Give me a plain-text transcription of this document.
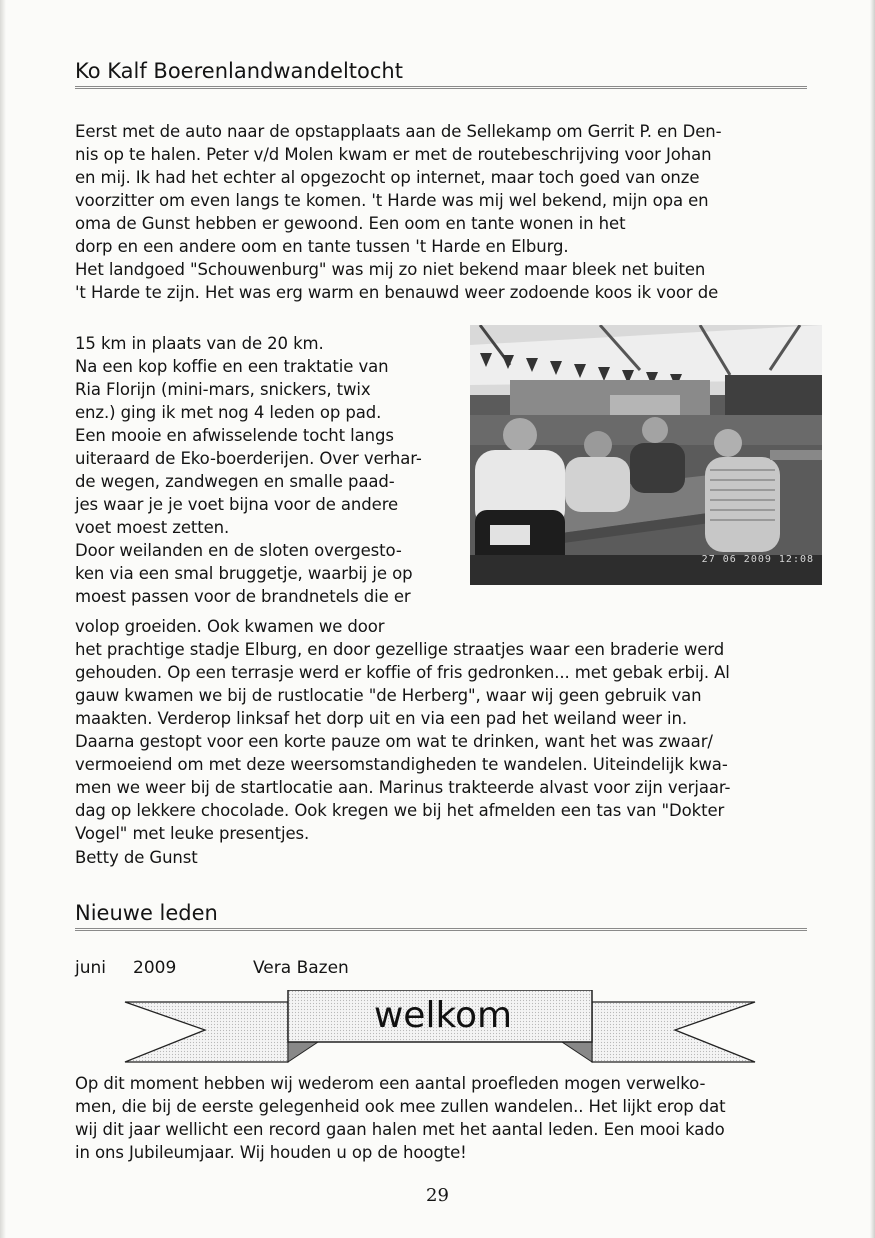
Ko Kalf Boerenlandwandeltocht

Eerst met de auto naar de opstapplaats aan de Sellekamp om Gerrit P. en Den-
nis op te halen. Peter v/d Molen kwam er met de routebeschrijving voor Johan
en mij. Ik had het echter al opgezocht op internet, maar toch goed van onze
voorzitter om even langs te komen. 't Harde was mij wel bekend, mijn opa en
oma de Gunst hebben er gewoond. Een oom en tante wonen in het
dorp en een andere oom en tante tussen 't Harde en Elburg.
Het landgoed "Schouwenburg" was mij zo niet bekend maar bleek net buiten
't Harde te zijn. Het was erg warm en benauwd weer zodoende koos ik voor de

15 km in plaats van de 20 km.
Na een kop koffie en een traktatie van
Ria Florijn (mini-mars, snickers, twix
enz.) ging ik met nog 4 leden op pad.
Een mooie en afwisselende tocht langs
uiteraard de Eko-boerderijen. Over verhar-
de wegen, zandwegen en smalle paad-
jes waar je je voet bijna voor de andere
voet moest zetten.
Door weilanden en de sloten overgesto-
ken via een smal bruggetje, waarbij je op
moest passen voor de brandnetels die er

27 06 2009 12:08

volop groeiden. Ook kwamen we door
het prachtige stadje Elburg, en door gezellige straatjes waar een braderie werd
gehouden. Op een terrasje werd er koffie of fris gedronken... met gebak erbij. Al
gauw kwamen we bij de rustlocatie "de Herberg", waar wij geen gebruik van
maakten. Verderop linksaf het dorp uit en via een pad het weiland weer in.
Daarna gestopt voor een korte pauze om wat te drinken, want het was zwaar/
vermoeiend om met deze weersomstandigheden te wandelen. Uiteindelijk kwa-
men we weer bij de startlocatie aan. Marinus trakteerde alvast voor zijn verjaar-
dag op lekkere chocolade. Ook kregen we bij het afmelden een tas van "Dokter
Vogel" met leuke presentjes.

Betty de Gunst

Nieuwe leden
juni 2009	Vera Bazen
welkom

Op dit moment hebben wij wederom een aantal proefleden mogen verwelko-
men, die bij de eerste gelegenheid ook mee zullen wandelen.. Het lijkt erop dat
wij dit jaar wellicht een record gaan halen met het aantal leden. Een mooi kado
in ons Jubileumjaar. Wij houden u op de hoogte!

29
